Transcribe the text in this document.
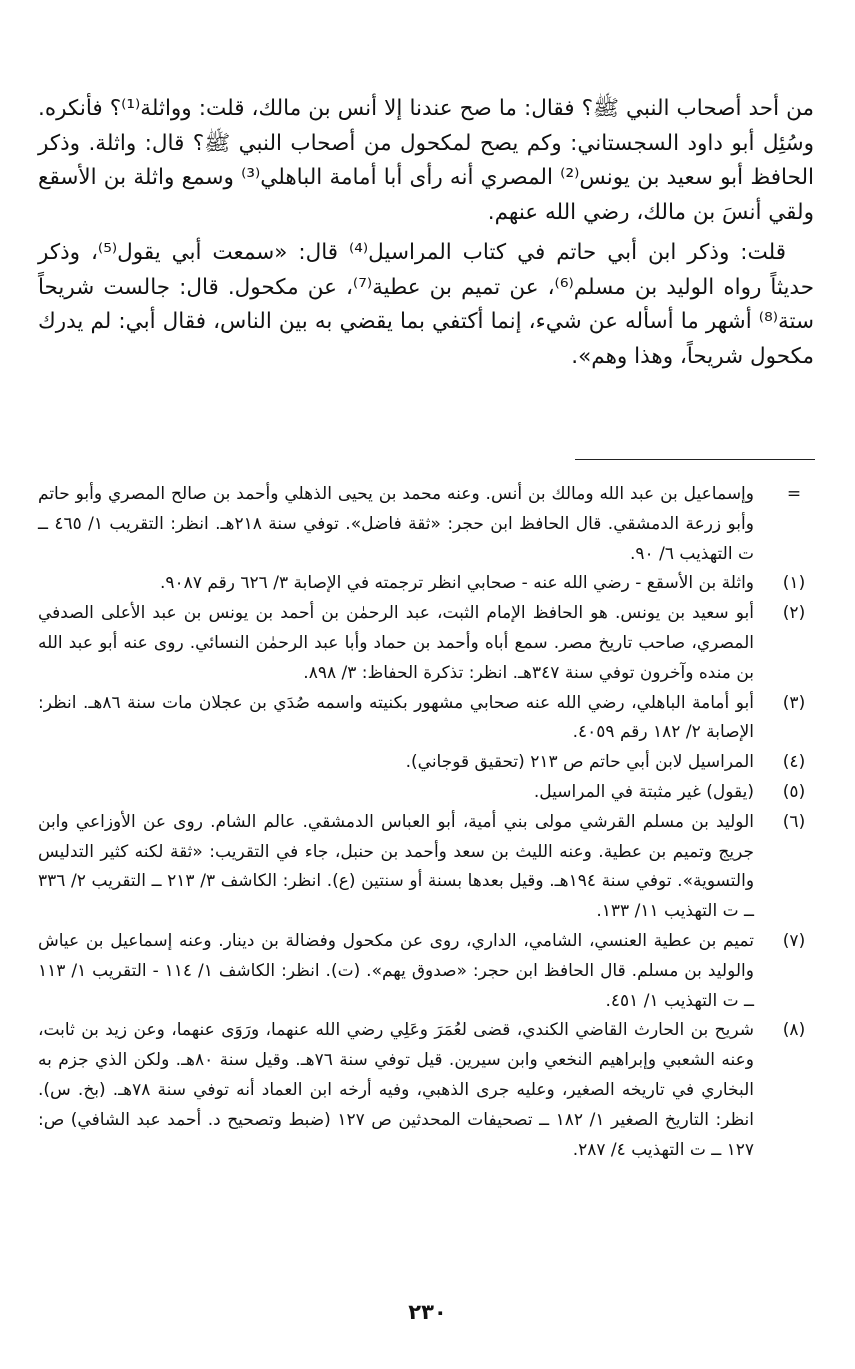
من أحد أصحاب النبي ﷺ؟ فقال: ما صح عندنا إلا أنس بن مالك، قلت: وواثلة⁽¹⁾؟ فأنكره. وسُئِل أبو داود السجستاني: وكم يصح لمكحول من أصحاب النبي ﷺ؟ قال: واثلة. وذكر الحافظ أبو سعيد بن يونس⁽²⁾ المصري أنه رأى أبا أمامة الباهلي⁽³⁾ وسمع واثلة بن الأسقع ولقي أنسَ بن مالك، رضي الله عنهم.

قلت: وذكر ابن أبي حاتم في كتاب المراسيل⁽⁴⁾ قال: «سمعت أبي يقول⁽⁵⁾، وذكر حديثاً رواه الوليد بن مسلم⁽⁶⁾، عن تميم بن عطية⁽⁷⁾، عن مكحول. قال: جالست شريحاً ستة⁽⁸⁾ أشهر ما أسأله عن شيء، إنما أكتفي بما يقضي به بين الناس، فقال أبي: لم يدرك مكحول شريحاً، وهذا وهم».

=
وإسماعيل بن عبد الله ومالك بن أنس. وعنه محمد بن يحيى الذهلي وأحمد بن صالح المصري وأبو حاتم وأبو زرعة الدمشقي. قال الحافظ ابن حجر: «ثقة فاضل». توفي سنة ٢١٨هـ. انظر: التقريب ١/ ٤٦٥ ــ ت التهذيب ٦/ ٩٠.
(١)
واثلة بن الأسقع - رضي الله عنه - صحابي انظر ترجمته في الإصابة ٣/ ٦٢٦ رقم ٩٠٨٧.
(٢)
أبو سعيد بن يونس. هو الحافظ الإمام الثبت، عبد الرحمٰن بن أحمد بن يونس بن عبد الأعلى الصدفي المصري، صاحب تاريخ مصر. سمع أباه وأحمد بن حماد وأبا عبد الرحمٰن النسائي. روى عنه أبو عبد الله بن منده وآخرون توفي سنة ٣٤٧هـ. انظر: تذكرة الحفاظ: ٣/ ٨٩٨.
(٣)
أبو أمامة الباهلي، رضي الله عنه صحابي مشهور بكنيته واسمه صُدَي بن عجلان مات سنة ٨٦هـ. انظر: الإصابة ٢/ ١٨٢ رقم ٤٠٥٩.
(٤)
المراسيل لابن أبي حاتم ص ٢١٣ (تحقيق قوجاني).
(٥)
(يقول) غير مثبتة في المراسيل.
(٦)
الوليد بن مسلم القرشي مولى بني أمية، أبو العباس الدمشقي. عالم الشام. روى عن الأوزاعي وابن جريج وتميم بن عطية. وعنه الليث بن سعد وأحمد بن حنبل، جاء في التقريب: «ثقة لكنه كثير التدليس والتسوية». توفي سنة ١٩٤هـ. وقيل بعدها بسنة أو سنتين (ع). انظر: الكاشف ٣/ ٢١٣ ــ التقريب ٢/ ٣٣٦ ــ ت التهذيب ١١/ ١٣٣.
(٧)
تميم بن عطية العنسي، الشامي، الداري، روى عن مكحول وفضالة بن دينار. وعنه إسماعيل بن عياش والوليد بن مسلم. قال الحافظ ابن حجر: «صدوق يهم». (ت). انظر: الكاشف ١/ ١١٤ - التقريب ١/ ١١٣ ــ ت التهذيب ١/ ٤٥١.
(٨)
شريح بن الحارث القاضي الكندي، قضى لعُمَرَ وعَلِي رضي الله عنهما، ورَوَى عنهما، وعن زيد بن ثابت، وعنه الشعبي وإبراهيم النخعي وابن سيرين. قيل توفي سنة ٧٦هـ. وقيل سنة ٨٠هـ. ولكن الذي جزم به البخاري في تاريخه الصغير، وعليه جرى الذهبي، وفيه أرخه ابن العماد أنه توفي سنة ٧٨هـ. (بخ. س). انظر: التاريخ الصغير ١/ ١٨٢ ــ تصحيفات المحدثين ص ١٢٧ (ضبط وتصحيح د. أحمد عبد الشافي) ص: ١٢٧ ــ ت التهذيب ٤/ ٢٨٧.
٢٣٠
